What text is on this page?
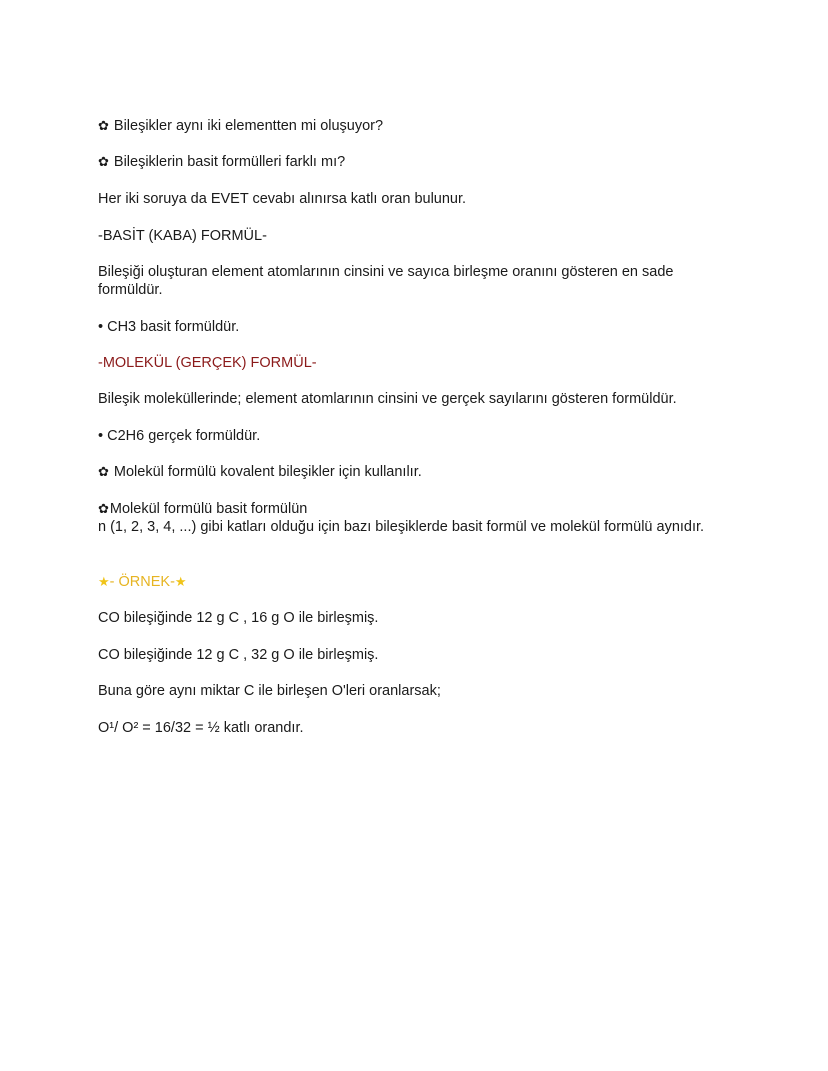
✿ Bileşikler aynı iki elementten mi oluşuyor?
✿ Bileşiklerin basit formülleri farklı mı?
Her iki soruya da EVET cevabı alınırsa katlı oran bulunur.
-BASİT (KABA) FORMÜL-
Bileşiği oluşturan element atomlarının cinsini ve sayıca birleşme oranını gösteren en sade
formüldür.
• CH3 basit formüldür.
-MOLEKÜL (GERÇEK) FORMÜL-
Bileşik moleküllerinde; element atomlarının cinsini ve gerçek sayılarını gösteren formüldür.
• C2H6 gerçek formüldür.
✿ Molekül formülü kovalent bileşikler için kullanılır.
✿Molekül formülü basit formülün
n (1, 2, 3, 4, ...) gibi katları olduğu için bazı bileşiklerde basit formül ve molekül formülü aynıdır.
★- ÖRNEK-★
CO bileşiğinde 12 g C , 16 g O ile birleşmiş.
CO bileşiğinde 12 g C , 32 g O ile birleşmiş.
Buna göre aynı miktar C ile birleşen O'leri oranlarsak;
O¹/ O² = 16/32 = ½ katlı orandır.
